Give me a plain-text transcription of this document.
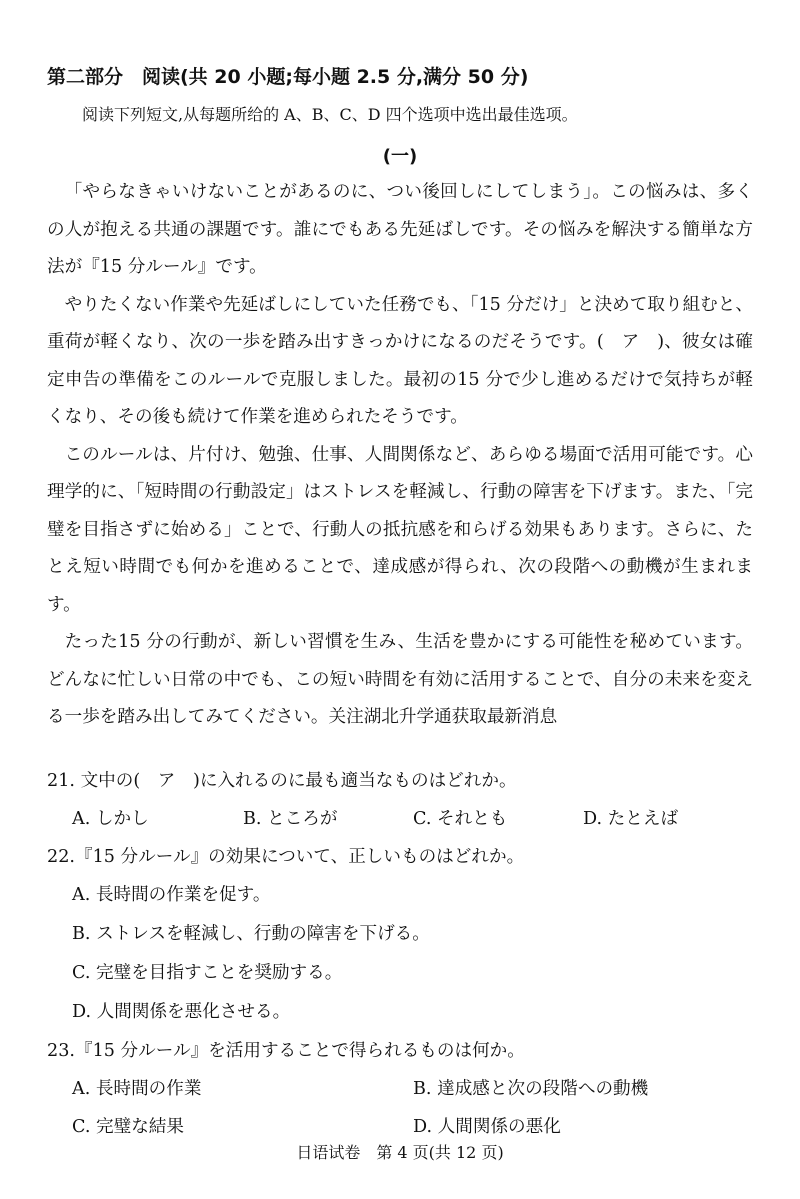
第二部分　阅读(共 20 小题;每小题 2.5 分,满分 50 分)
阅读下列短文,从每题所给的 A、B、C、D 四个选项中选出最佳选项。
(一)

「やらなきゃいけないことがあるのに、つい後回しにしてしまう」。この悩みは、多くの人が抱える共通の課題です。誰にでもある先延ばしです。その悩みを解決する簡単な方法が『15 分ルール』です。

やりたくない作業や先延ばしにしていた任務でも、「15 分だけ」と決めて取り組むと、重荷が軽くなり、次の一歩を踏み出すきっかけになるのだそうです。(　ア　)、彼女は確定申告の準備をこのルールで克服しました。最初の15 分で少し進めるだけで気持ちが軽くなり、その後も続けて作業を進められたそうです。

このルールは、片付け、勉強、仕事、人間関係など、あらゆる場面で活用可能です。心理学的に、「短時間の行動設定」はストレスを軽減し、行動の障害を下げます。また、「完璧を目指さずに始める」ことで、行動人の抵抗感を和らげる効果もあります。さらに、たとえ短い時間でも何かを進めることで、達成感が得られ、次の段階への動機が生まれます。

たった15 分の行動が、新しい習慣を生み、生活を豊かにする可能性を秘めています。どんなに忙しい日常の中でも、この短い時間を有効に活用することで、自分の未来を変える一歩を踏み出してみてください。关注湖北升学通获取最新消息

21. 文中の(　ア　)に入れるのに最も適当なものはどれか。
A. しかし	B. ところが	C. それとも	D. たとえば
22.『15 分ルール』の効果について、正しいものはどれか。
A. 長時間の作業を促す。
B. ストレスを軽減し、行動の障害を下げる。
C. 完璧を目指すことを奨励する。
D. 人間関係を悪化させる。
23.『15 分ルール』を活用することで得られるものは何か。
A. 長時間の作業	B. 達成感と次の段階への動機
C. 完璧な結果	D. 人間関係の悪化
日语试卷　第 4 页(共 12 页)
